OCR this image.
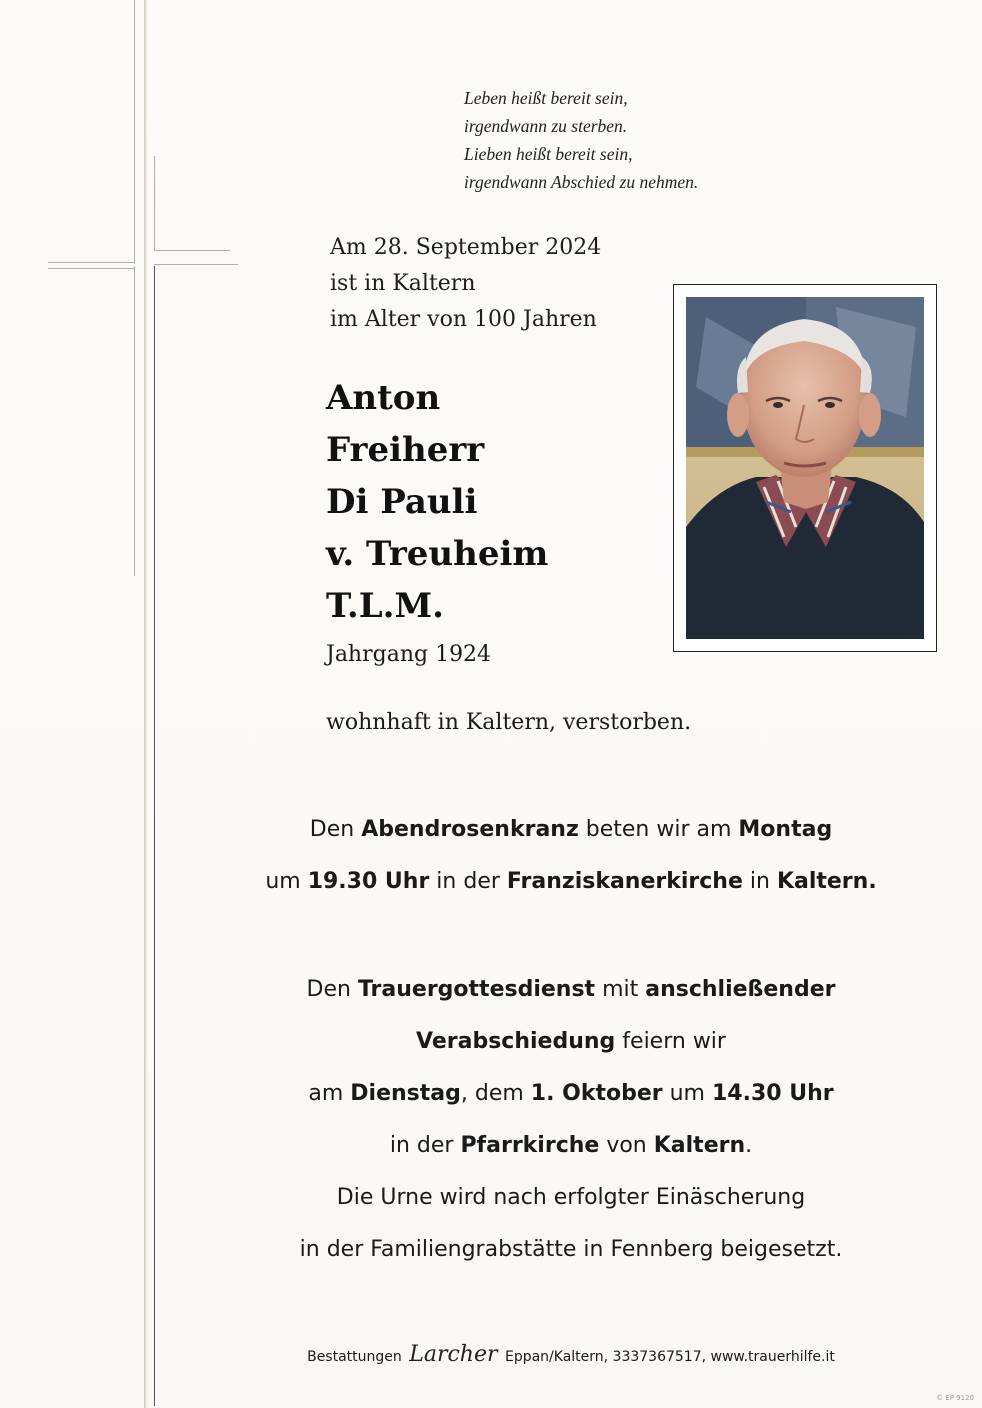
Leben heißt bereit sein,
irgendwann zu sterben.
Lieben heißt bereit sein,
irgendwann Abschied zu nehmen.
Am 28. September 2024
ist in Kaltern
im Alter von 100 Jahren
Anton
Freiherr
Di Pauli
v. Treuheim
T.L.M.
Jahrgang 1924
wohnhaft in Kaltern, verstorben.
Den Abendrosenkranz beten wir am Montag
um 19.30 Uhr in der Franziskanerkirche in Kaltern.
Den Trauergottesdienst mit anschließender
Verabschiedung feiern wir
am Dienstag, dem 1. Oktober um 14.30 Uhr
in der Pfarrkirche von Kaltern.
Die Urne wird nach erfolgter Einäscherung
in der Familiengrabstätte in Fennberg beigesetzt.
Bestattungen Larcher Eppan/Kaltern, 3337367517, www.trauerhilfe.it
© EP 9120
